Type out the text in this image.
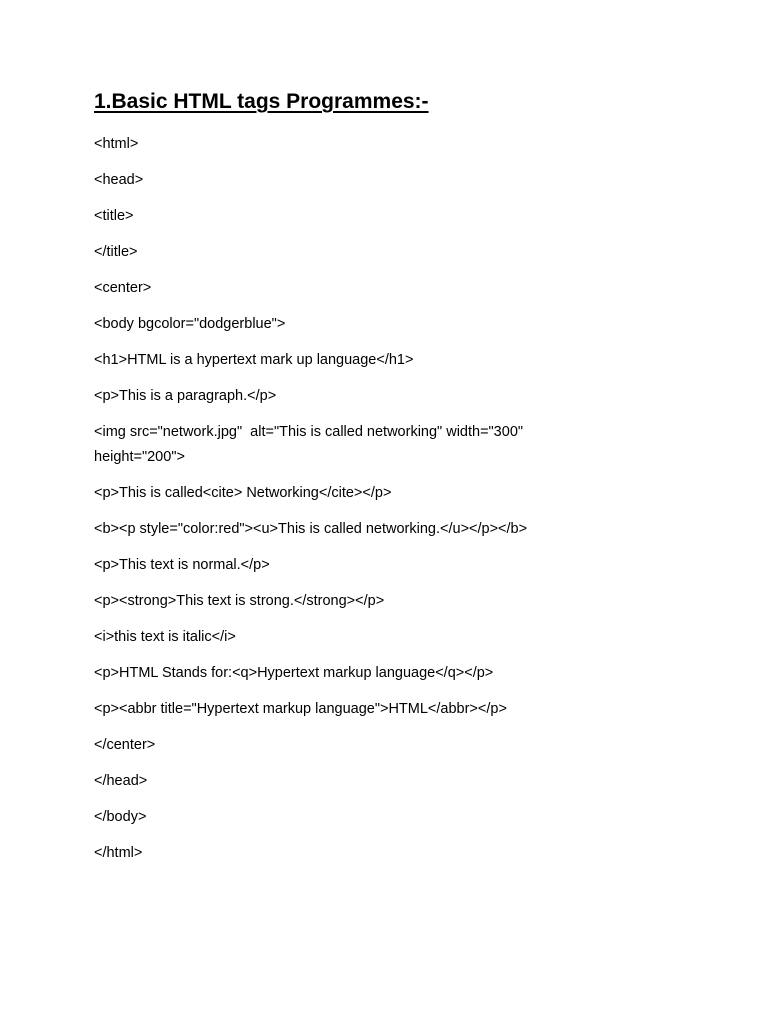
1.Basic HTML tags Programmes:-
<html>
<head>
<title>
</title>
<center>
<body bgcolor="dodgerblue">
<h1>HTML is a hypertext mark up language</h1>
<p>This is a paragraph.</p>
<img src="network.jpg"  alt="This is called networking" width="300"
height="200">
<p>This is called<cite> Networking</cite></p>
<b><p style="color:red"><u>This is called networking.</u></p></b>
<p>This text is normal.</p>
<p><strong>This text is strong.</strong></p>
<i>this text is italic</i>
<p>HTML Stands for:<q>Hypertext markup language</q></p>
<p><abbr title="Hypertext markup language">HTML</abbr></p>
</center>
</head>
</body>
</html>
